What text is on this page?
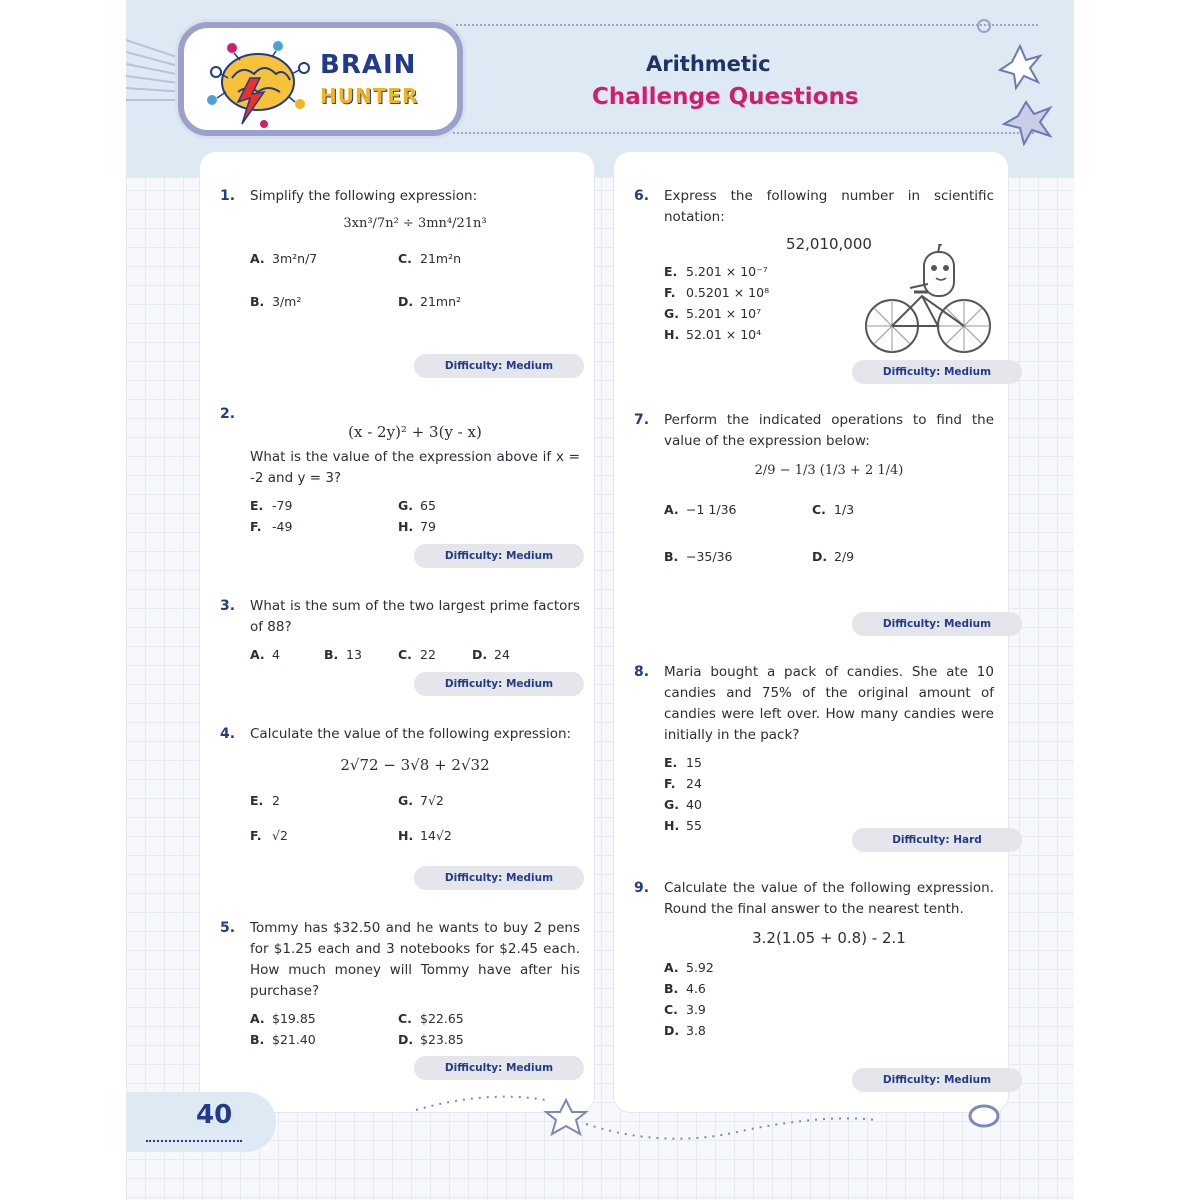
BRAIN
HUNTER
Arithmetic
Challenge Questions
1. Simplify the following expression:
3xn³/7n² ÷ 3mn⁴/21n³
A. 3m²n/7	C. 21m²n
B. 3/m²	D. 21mn²
Difficulty: Medium
2.
(x - 2y)² + 3(y - x)
What is the value of the expression above if x = -2 and y = 3?
E. -79	G. 65
F. -49	H. 79
Difficulty: Medium
3. What is the sum of the two largest prime factors of 88?
A. 4	B. 13	C. 22	D. 24
Difficulty: Medium
4. Calculate the value of the following expression:
2√72 − 3√8 + 2√32
E. 2	G. 7√2
F. √2	H. 14√2
Difficulty: Medium
5. Tommy has $32.50 and he wants to buy 2 pens for $1.25 each and 3 notebooks for $2.45 each. How much money will Tommy have after his purchase?
A. $19.85	C. $22.65
B. $21.40	D. $23.85
Difficulty: Medium
6. Express the following number in scientific notation:
52,010,000
E. 5.201 × 10⁻⁷
F. 0.5201 × 10⁸
G. 5.201 × 10⁷
H. 52.01 × 10⁴
Difficulty: Medium
7. Perform the indicated operations to find the value of the expression below:
2/9 − 1/3 (1/3 + 2 1/4)
A. −1 1/36	C. 1/3
B. −35/36	D. 2/9
Difficulty: Medium
8. Maria bought a pack of candies. She ate 10 candies and 75% of the original amount of candies were left over. How many candies were initially in the pack?
E. 15
F. 24
G. 40
H. 55
Difficulty: Hard
9. Calculate the value of the following expression. Round the final answer to the nearest tenth.
3.2(1.05 + 0.8) - 2.1
A. 5.92
B. 4.6
C. 3.9
D. 3.8
Difficulty: Medium
40
